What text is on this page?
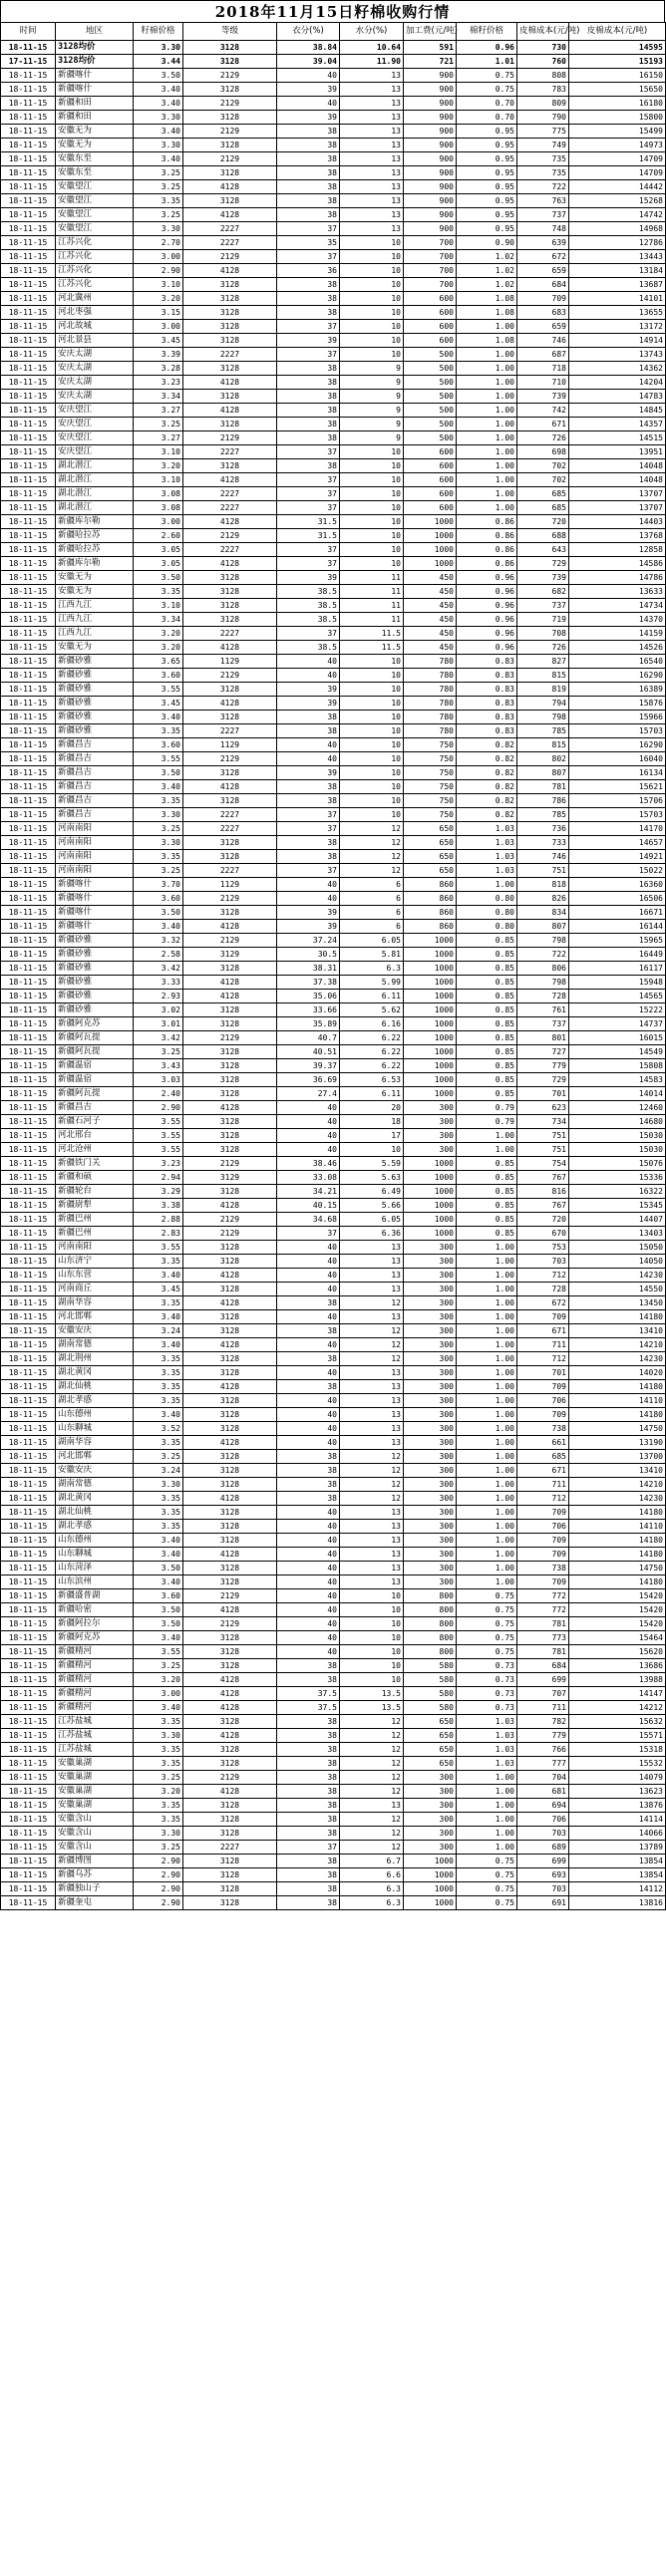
2018年11月15日籽棉收购行情
时间	地区	籽棉价格	等级	衣分(%)	水分(%)	加工费(元/吨)	棉籽价格	皮棉成本(元/吨)	皮棉成本(元/吨)
18-11-15	3128均价	3.30	3128	38.84	10.64	591	0.96	730	14595
17-11-15	3128均价	3.44	3128	39.04	11.90	721	1.01	760	15193
18-11-15	新疆喀什	3.50	2129	40	13	900	0.75	808	16150
18-11-15	新疆喀什	3.40	3128	39	13	900	0.75	783	15650
18-11-15	新疆和田	3.40	2129	40	13	900	0.70	809	16180
18-11-15	新疆和田	3.30	3128	39	13	900	0.70	790	15800
18-11-15	安徽无为	3.40	2129	38	13	900	0.95	775	15499
18-11-15	安徽无为	3.30	3128	38	13	900	0.95	749	14973
18-11-15	安徽东至	3.40	2129	38	13	900	0.95	735	14709
18-11-15	安徽东至	3.25	3128	38	13	900	0.95	735	14709
18-11-15	安徽望江	3.25	4128	38	13	900	0.95	722	14442
18-11-15	安徽望江	3.35	3128	38	13	900	0.95	763	15268
18-11-15	安徽望江	3.25	4128	38	13	900	0.95	737	14742
18-11-15	安徽望江	3.30	2227	37	13	900	0.95	748	14968
18-11-15	江苏兴化	2.70	2227	35	10	700	0.90	639	12786
18-11-15	江苏兴化	3.00	2129	37	10	700	1.02	672	13443
18-11-15	江苏兴化	2.90	4128	36	10	700	1.02	659	13184
18-11-15	江苏兴化	3.10	3128	38	10	700	1.02	684	13687
18-11-15	河北冀州	3.20	3128	38	10	600	1.08	709	14101
18-11-15	河北枣强	3.15	3128	38	10	600	1.08	683	13655
18-11-15	河北故城	3.00	3128	37	10	600	1.00	659	13172
18-11-15	河北景县	3.45	3128	39	10	600	1.08	746	14914
18-11-15	安庆太湖	3.39	2227	37	10	500	1.00	687	13743
18-11-15	安庆太湖	3.28	3128	38	9	500	1.00	718	14362
18-11-15	安庆太湖	3.23	4128	38	9	500	1.00	710	14204
18-11-15	安庆太湖	3.34	3128	38	9	500	1.00	739	14783
18-11-15	安庆望江	3.27	4128	38	9	500	1.00	742	14845
18-11-15	安庆望江	3.25	3128	38	9	500	1.00	671	14357
18-11-15	安庆望江	3.27	2129	38	9	500	1.00	726	14515
18-11-15	安庆望江	3.10	2227	37	10	600	1.00	698	13951
18-11-15	湖北潜江	3.20	3128	38	10	600	1.00	702	14048
18-11-15	湖北潜江	3.10	4128	37	10	600	1.00	702	14048
18-11-15	湖北潜江	3.08	2227	37	10	600	1.00	685	13707
18-11-15	湖北潜江	3.08	2227	37	10	600	1.00	685	13707
18-11-15	新疆库尔勒	3.00	4128	31.5	10	1000	0.86	720	14403
18-11-15	新疆哈拉苏	2.60	2129	31.5	10	1000	0.86	688	13768
18-11-15	新疆哈拉苏	3.05	2227	37	10	1000	0.86	643	12858
18-11-15	新疆库尔勒	3.05	4128	37	10	1000	0.86	729	14586
18-11-15	安徽无为	3.50	3128	39	11	450	0.96	739	14786
18-11-15	安徽无为	3.35	3128	38.5	11	450	0.96	682	13633
18-11-15	江西九江	3.10	3128	38.5	11	450	0.96	737	14734
18-11-15	江西九江	3.34	3128	38.5	11	450	0.96	719	14370
18-11-15	江西九江	3.20	2227	37	11.5	450	0.96	708	14159
18-11-15	安徽无为	3.20	4128	38.5	11.5	450	0.96	726	14526
18-11-15	新疆砂雅	3.65	1129	40	10	780	0.83	827	16540
18-11-15	新疆砂雅	3.60	2129	40	10	780	0.83	815	16290
18-11-15	新疆砂雅	3.55	3128	39	10	780	0.83	819	16389
18-11-15	新疆砂雅	3.45	4128	39	10	780	0.83	794	15876
18-11-15	新疆砂雅	3.40	3128	38	10	780	0.83	798	15966
18-11-15	新疆砂雅	3.35	2227	38	10	780	0.83	785	15703
18-11-15	新疆昌吉	3.60	1129	40	10	750	0.82	815	16290
18-11-15	新疆昌吉	3.55	2129	40	10	750	0.82	802	16040
18-11-15	新疆昌吉	3.50	3128	39	10	750	0.82	807	16134
18-11-15	新疆昌吉	3.40	4128	38	10	750	0.82	781	15621
18-11-15	新疆昌吉	3.35	3128	38	10	750	0.82	786	15706
18-11-15	新疆昌吉	3.30	2227	37	10	750	0.82	785	15703
18-11-15	河南南阳	3.25	2227	37	12	650	1.03	736	14170
18-11-15	河南南阳	3.30	3128	38	12	650	1.03	733	14657
18-11-15	河南南阳	3.35	3128	38	12	650	1.03	746	14921
18-11-15	河南南阳	3.25	2227	37	12	650	1.03	751	15022
18-11-15	新疆喀什	3.70	1129	40	6	860	1.00	818	16360
18-11-15	新疆喀什	3.60	2129	40	6	860	0.80	826	16506
18-11-15	新疆喀什	3.50	3128	39	6	860	0.80	834	16671
18-11-15	新疆喀什	3.40	4128	39	6	860	0.80	807	16144
18-11-15	新疆砂雅	3.32	2129	37.24	6.05	1000	0.85	798	15965
18-11-15	新疆砂雅	2.58	3129	30.5	5.81	1000	0.85	722	16449
18-11-15	新疆砂雅	3.42	3128	38.31	6.3	1000	0.85	806	16117
18-11-15	新疆砂雅	3.33	4128	37.38	5.99	1000	0.85	798	15948
18-11-15	新疆砂雅	2.93	4128	35.06	6.11	1000	0.85	728	14565
18-11-15	新疆砂雅	3.02	3128	33.66	5.62	1000	0.85	761	15222
18-11-15	新疆阿克苏	3.01	3128	35.89	6.16	1000	0.85	737	14737
18-11-15	新疆阿瓦提	3.42	2129	40.7	6.22	1000	0.85	801	16015
18-11-15	新疆阿瓦提	3.25	3128	40.51	6.22	1000	0.85	727	14549
18-11-15	新疆温宿	3.43	3128	39.37	6.22	1000	0.85	779	15808
18-11-15	新疆温宿	3.03	3128	36.69	6.53	1000	0.85	729	14583
18-11-15	新疆阿瓦提	2.40	3128	27.4	6.11	1000	0.85	701	14014
18-11-15	新疆昌吉	2.90	4128	40	20	300	0.79	623	12460
18-11-15	新疆石河子	3.55	3128	40	18	300	0.79	734	14680
18-11-15	河北邢台	3.55	3128	40	17	300	1.00	751	15030
18-11-15	河北沧州	3.55	3128	40	10	300	1.00	751	15030
18-11-15	新疆铁门关	3.23	2129	38.46	5.59	1000	0.85	754	15076
18-11-15	新疆和硕	2.94	3129	33.08	5.63	1000	0.85	767	15336
18-11-15	新疆轮台	3.29	3128	34.21	6.49	1000	0.85	816	16322
18-11-15	新疆尉犁	3.38	4128	40.15	5.66	1000	0.85	767	15345
18-11-15	新疆巴州	2.88	2129	34.68	6.05	1000	0.85	720	14407
18-11-15	新疆巴州	2.83	2129	37	6.36	1000	0.85	670	13403
18-11-15	河南南阳	3.55	3128	40	13	300	1.00	753	15050
18-11-15	山东济宁	3.35	3128	40	13	300	1.00	703	14050
18-11-15	山东东营	3.40	4128	40	13	300	1.00	712	14230
18-11-15	河南商丘	3.45	3128	40	13	300	1.00	728	14550
18-11-15	湖南华容	3.35	4128	38	12	300	1.00	672	13450
18-11-15	河北邯郸	3.40	3128	40	13	300	1.00	709	14180
18-11-15	安徽安庆	3.24	3128	38	12	300	1.00	671	13410
18-11-15	湖南常德	3.40	4128	40	12	300	1.00	711	14210
18-11-15	湖北荆州	3.35	3128	38	12	300	1.00	712	14230
18-11-15	湖北黄冈	3.35	3128	40	13	300	1.00	701	14020
18-11-15	湖北仙桃	3.35	4128	38	13	300	1.00	709	14180
18-11-15	湖北孝感	3.35	3128	40	13	300	1.00	706	14110
18-11-15	山东德州	3.40	3128	40	13	300	1.00	709	14180
18-11-15	山东聊城	3.52	3128	40	13	300	1.00	738	14750
18-11-15	湖南华容	3.35	4128	40	13	300	1.00	661	13190
18-11-15	河北邯郸	3.25	3128	38	12	300	1.00	685	13700
18-11-15	安徽安庆	3.24	3128	38	12	300	1.00	671	13410
18-11-15	湖南常德	3.30	3128	38	12	300	1.00	711	14210
18-11-15	湖北黄冈	3.35	4128	38	12	300	1.00	712	14230
18-11-15	湖北仙桃	3.35	3128	40	13	300	1.00	709	14180
18-11-15	湖北孝感	3.35	3128	40	13	300	1.00	706	14110
18-11-15	山东德州	3.40	3128	40	13	300	1.00	709	14180
18-11-15	山东聊城	3.40	4128	40	13	300	1.00	709	14180
18-11-15	山东菏泽	3.50	3128	40	13	300	1.00	738	14750
18-11-15	山东滨州	3.40	3128	40	13	300	1.00	709	14180
18-11-15	新疆盛普湖	3.60	2129	40	10	800	0.75	772	15420
18-11-15	新疆哈密	3.50	4128	40	10	800	0.75	772	15420
18-11-15	新疆阿拉尔	3.50	2129	40	10	800	0.75	781	15420
18-11-15	新疆阿克苏	3.40	3128	40	10	800	0.75	773	15464
18-11-15	新疆精河	3.55	3128	40	10	800	0.75	781	15620
18-11-15	新疆精河	3.25	3128	38	10	580	0.73	684	13686
18-11-15	新疆精河	3.20	4128	38	10	580	0.73	699	13988
18-11-15	新疆精河	3.00	4128	37.5	13.5	580	0.73	707	14147
18-11-15	新疆精河	3.40	4128	37.5	13.5	580	0.73	711	14212
18-11-15	江苏盐城	3.35	3128	38	12	650	1.03	782	15632
18-11-15	江苏盐城	3.30	4128	38	12	650	1.03	779	15571
18-11-15	江苏盐城	3.35	3128	38	12	650	1.03	766	15318
18-11-15	安徽巢湖	3.35	3128	38	12	650	1.03	777	15532
18-11-15	安徽巢湖	3.25	2129	38	12	300	1.00	704	14079
18-11-15	安徽巢湖	3.20	4128	38	12	300	1.00	681	13623
18-11-15	安徽巢湖	3.35	3128	38	13	300	1.00	694	13876
18-11-15	安徽含山	3.35	3128	38	12	300	1.00	706	14114
18-11-15	安徽含山	3.30	3128	38	12	300	1.00	703	14066
18-11-15	安徽含山	3.25	2227	37	12	300	1.00	689	13789
18-11-15	新疆博图	2.90	3128	38	6.7	1000	0.75	699	13854
18-11-15	新疆乌苏	2.90	3128	38	6.6	1000	0.75	693	13854
18-11-15	新疆独山子	2.90	3128	38	6.3	1000	0.75	703	14112
18-11-15	新疆奎屯	2.90	3128	38	6.3	1000	0.75	691	13816
